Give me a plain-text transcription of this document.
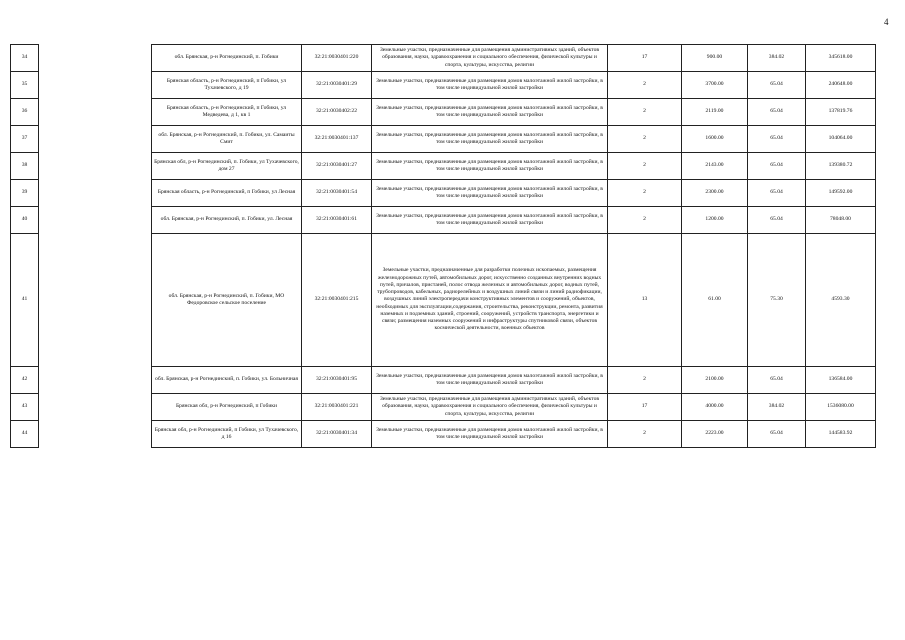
4
34		обл. Брянская, р-н Рогнединский, п. Гобики	32:21:0030401:220	Земельные участки, предназначенные для размещения административных зданий, объектов образования, науки, здравоохранения и социального обеспечения, физической культуры и спорта, культуры, искусства, религии	17	900.00	384.02	345618.00
35		Брянская область, р-н Рогнединский, п Гобики, ул Тухачевского, д 19	32:21:0030401:29	Земельные участки, предназначенные для размещения домов малоэтажной жилой застройки, в том числе индивидуальной жилой застройки	2	3700.00	65.04	240648.00
36		Брянская область, р-н Рогнединский, п Гобики, ул Медведева, д 1, кв 1	32:21:0030402:22	Земельные участки, предназначенные для размещения домов малоэтажной жилой застройки, в том числе индивидуальной жилой застройки	2	2119.00	65.04	137819.76
37		обл. Брянская, р-н Рогнединский, п. Гобики, ул. Самаиты Смит	32:21:0030401:137	Земельные участки, предназначенные для размещения домов малоэтажной жилой застройки, в том числе индивидуальной жилой застройки	2	1600.00	65.04	104064.00
38		Брянская обл, р-н Рогнединский, п. Гобики, ул Тухачевского, дом 27	32:21:0030401:27	Земельные участки, предназначенные для размещения домов малоэтажной жилой застройки, в том числе индивидуальной жилой застройки	2	2143.00	65.04	139380.72
39		Брянская область, р-н Рогнединский, п Гобики, ул Лесная	32:21:0030401:54	Земельные участки, предназначенные для размещения домов малоэтажной жилой застройки, в том числе индивидуальной жилой застройки	2	2300.00	65.04	149592.00
40		обл. Брянская, р-н Рогнединский, п. Гобики, ул. Лесная	32:21:0030401:61	Земельные участки, предназначенные для размещения домов малоэтажной жилой застройки, в том числе индивидуальной жилой застройки	2	1200.00	65.04	78048.00
41		обл. Брянская, р-н Рогнединский, п. Гобики, МО Федоровское сельское поселение	32:21:0030401:215	Земельные участки, предназначенные для разработки полезных ископаемых, размещения железнодорожных путей, автомобильных дорог, искусственно созданных внутренних водных путей, причалов, пристаней, полос отвода железных и автомобильных дорог, водных путей, трубопроводов, кабельных, радиорелейных и воздушных линий связи и линий радиофикации, воздушных линий электропередачи конструктивных элементов и сооружений, объектов, необходимых для эксплуатации,содержания, строительства, реконструкции, ремонта, развития наземных и подземных зданий, строений, сооружений, устройств транспорта, энергетики и связи; размещения наземных сооружений и инфраструктуры спутниковой связи, объектов космической деятельности, военных объектов	13	61.00	75.30	4593.30
42		обл. Брянская, р-н Рогнединский, п. Гобики, ул. Больничная	32:21:0030401:95	Земельные участки, предназначенные для размещения домов малоэтажной жилой застройки, в том числе индивидуальной жилой застройки	2	2100.00	65.04	136584.00
43		Брянская обл, р-н Рогнединский, п Гобики	32:21:0030401:221	Земельные участки, предназначенные для размещения административных зданий, объектов образования, науки, здравоохранения и социального обеспечения, физической культуры и спорта, культуры, искусства, религии	17	4000.00	384.02	1536080.00
44		Брянская обл, р-н Рогнединский, п Гобики, ул Тухачевского, д 16	32:21:0030401:34	Земельные участки, предназначенные для размещения домов малоэтажной жилой застройки, в том числе индивидуальной жилой застройки	2	2223.00	65.04	144583.92
